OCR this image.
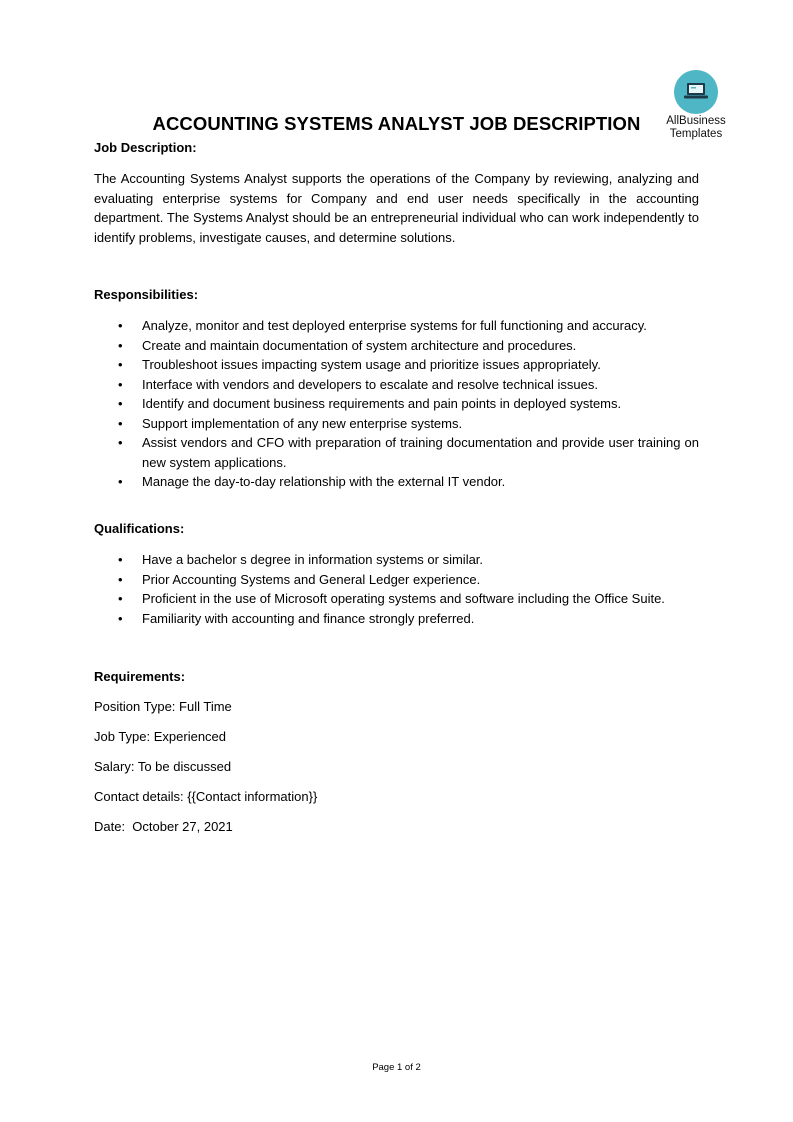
AllBusiness
Templates
ACCOUNTING SYSTEMS ANALYST JOB DESCRIPTION
Job Description:
The Accounting Systems Analyst supports the operations of the Company by reviewing, analyzing and evaluating enterprise systems for Company and end user needs specifically in the accounting department. The Systems Analyst should be an entrepreneurial individual who can work independently to identify problems, investigate causes, and determine solutions.
Responsibilities:
• Analyze, monitor and test deployed enterprise systems for full functioning and accuracy.
• Create and maintain documentation of system architecture and procedures.
• Troubleshoot issues impacting system usage and prioritize issues appropriately.
• Interface with vendors and developers to escalate and resolve technical issues.
• Identify and document business requirements and pain points in deployed systems.
• Support implementation of any new enterprise systems.
• Assist vendors and CFO with preparation of training documentation and provide user training on new system applications.
• Manage the day-to-day relationship with the external IT vendor.
Qualifications:
• Have a bachelor s degree in information systems or similar.
• Prior Accounting Systems and General Ledger experience.
• Proficient in the use of Microsoft operating systems and software including the Office Suite.
• Familiarity with accounting and finance strongly preferred.
Requirements:
Position Type: Full Time
Job Type: Experienced
Salary: To be discussed
Contact details: {{Contact information}}
Date:  October 27, 2021
Page 1 of 2
